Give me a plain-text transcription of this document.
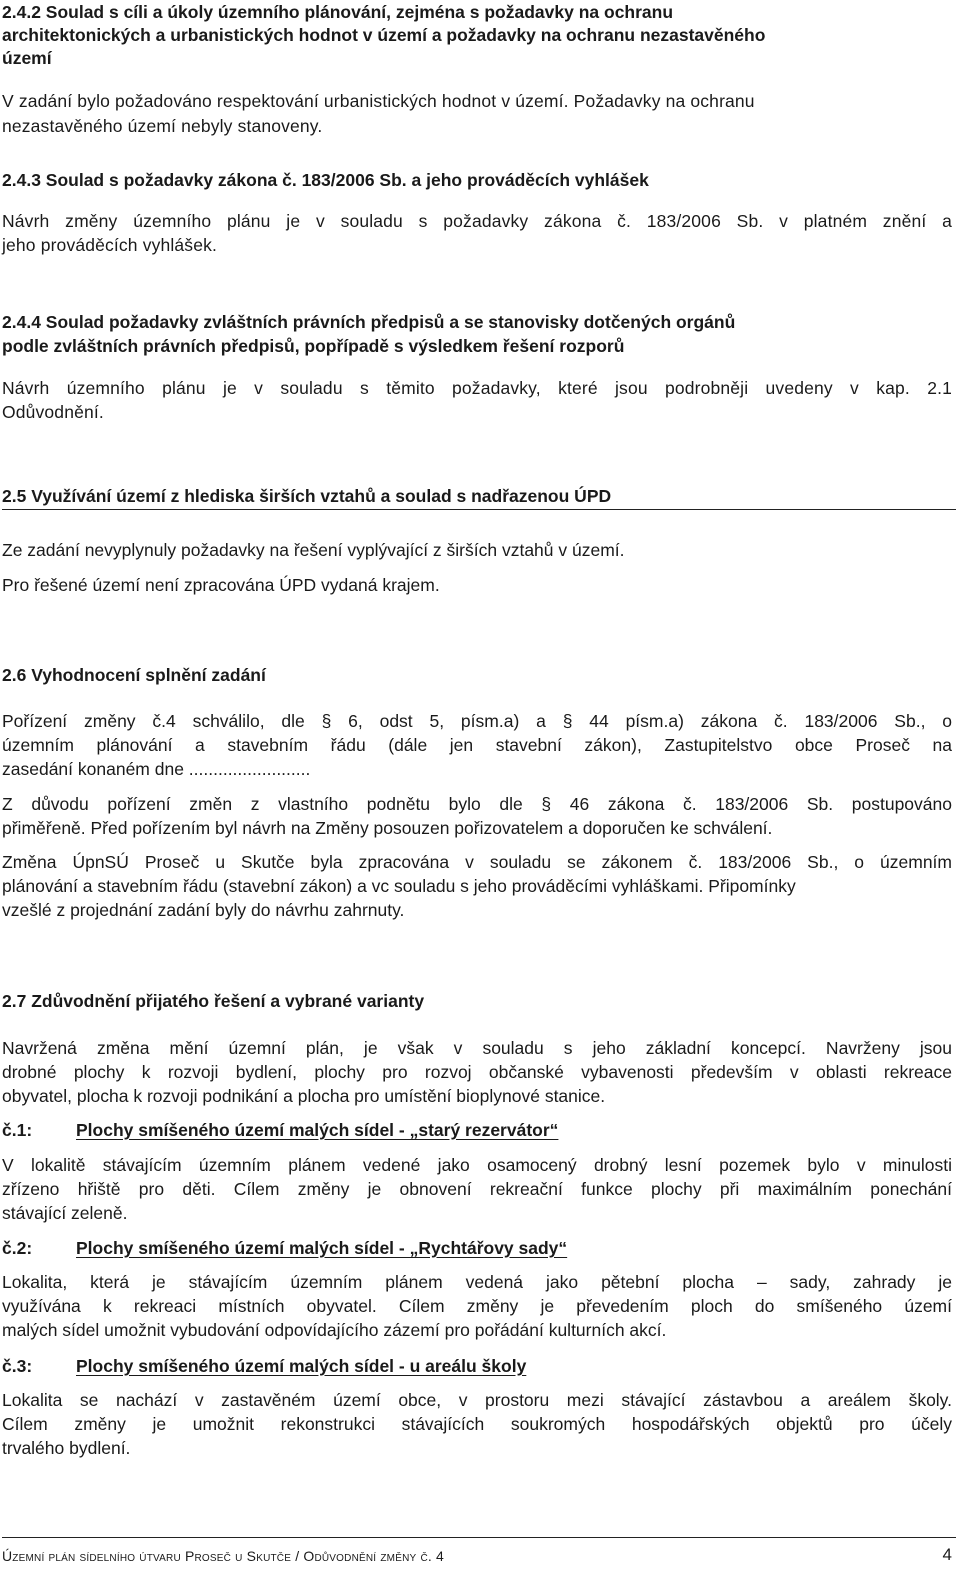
2.4.2 Soulad s cíli a úkoly územního plánování, zejména s požadavky na ochranu

architektonických a urbanistických hodnot v území a požadavky na ochranu nezastavěného

území

V zadání bylo požadováno respektování urbanistických hodnot v území. Požadavky na ochranu

nezastavěného území nebyly stanoveny.

2.4.3 Soulad s požadavky zákona č. 183/2006 Sb. a jeho prováděcích vyhlášek

Návrh změny územního plánu je v souladu s požadavky zákona č. 183/2006 Sb. v platném znění a

jeho prováděcích vyhlášek.

2.4.4 Soulad požadavky zvláštních právních předpisů a se stanovisky dotčených orgánů

podle zvláštních právních předpisů, popřípadě s výsledkem řešení rozporů

Návrh územního plánu je v souladu s těmito požadavky, které jsou podrobněji uvedeny v kap. 2.1

Odůvodnění.

2.5 Využívání území z hlediska širších vztahů a soulad s nadřazenou ÚPD

Ze zadání nevyplynuly požadavky na řešení vyplývající z širších vztahů v území.

Pro řešené území není zpracována ÚPD vydaná krajem.

2.6 Vyhodnocení splnění zadání

Pořízení změny č.4 schválilo, dle § 6, odst 5, písm.a) a § 44 písm.a) zákona č. 183/2006 Sb., o

územním plánování a stavebním řádu (dále jen stavební zákon), Zastupitelstvo obce Proseč na

zasedání konaném dne .........................

Z důvodu pořízení změn z vlastního podnětu bylo dle § 46 zákona č. 183/2006 Sb. postupováno

přiměřeně. Před pořízením byl návrh na Změny posouzen pořizovatelem a doporučen ke schválení.

Změna ÚpnSÚ Proseč u Skutče byla zpracována v souladu se zákonem č. 183/2006 Sb., o územním

plánování a stavebním řádu (stavební zákon) a vc souladu s jeho prováděcími vyhláškami. Připomínky

vzešlé z projednání zadání byly do návrhu zahrnuty.

2.7 Zdůvodnění přijatého řešení a vybrané varianty

Navržená změna mění územní plán, je však v souladu s jeho základní koncepcí. Navrženy jsou

drobné plochy k rozvoji bydlení, plochy pro rozvoj občanské vybavenosti především v oblasti rekreace

obyvatel, plocha k rozvoji podnikání a plocha pro umístění bioplynové stanice.

č.1:	Plochy smíšeného území malých sídel - „starý rezervátor“

V lokalitě stávajícím územním plánem vedené jako osamocený drobný lesní pozemek bylo v minulosti

zřízeno hřiště pro děti. Cílem změny je obnovení rekreační funkce plochy při maximálním ponechání

stávající zeleně.

č.2:	Plochy smíšeného území malých sídel - „Rychtářovy sady“

Lokalita, která je stávajícím územním plánem vedená jako pětební plocha – sady, zahrady je

využívána k rekreaci místních obyvatel. Cílem změny je převedením ploch do smíšeného území

malých sídel umožnit vybudování odpovídajícího zázemí pro pořádání kulturních akcí.

č.3:	Plochy smíšeného území malých sídel - u areálu školy

Lokalita se nachází v zastavěném území obce, v prostoru mezi stávající zástavbou a areálem školy.

Cílem změny je umožnit rekonstrukci stávajících soukromých hospodářských objektů pro účely

trvalého bydlení.

Územní plán sídelního útvaru Proseč u Skutče / Odůvodnění změny č. 4	4
